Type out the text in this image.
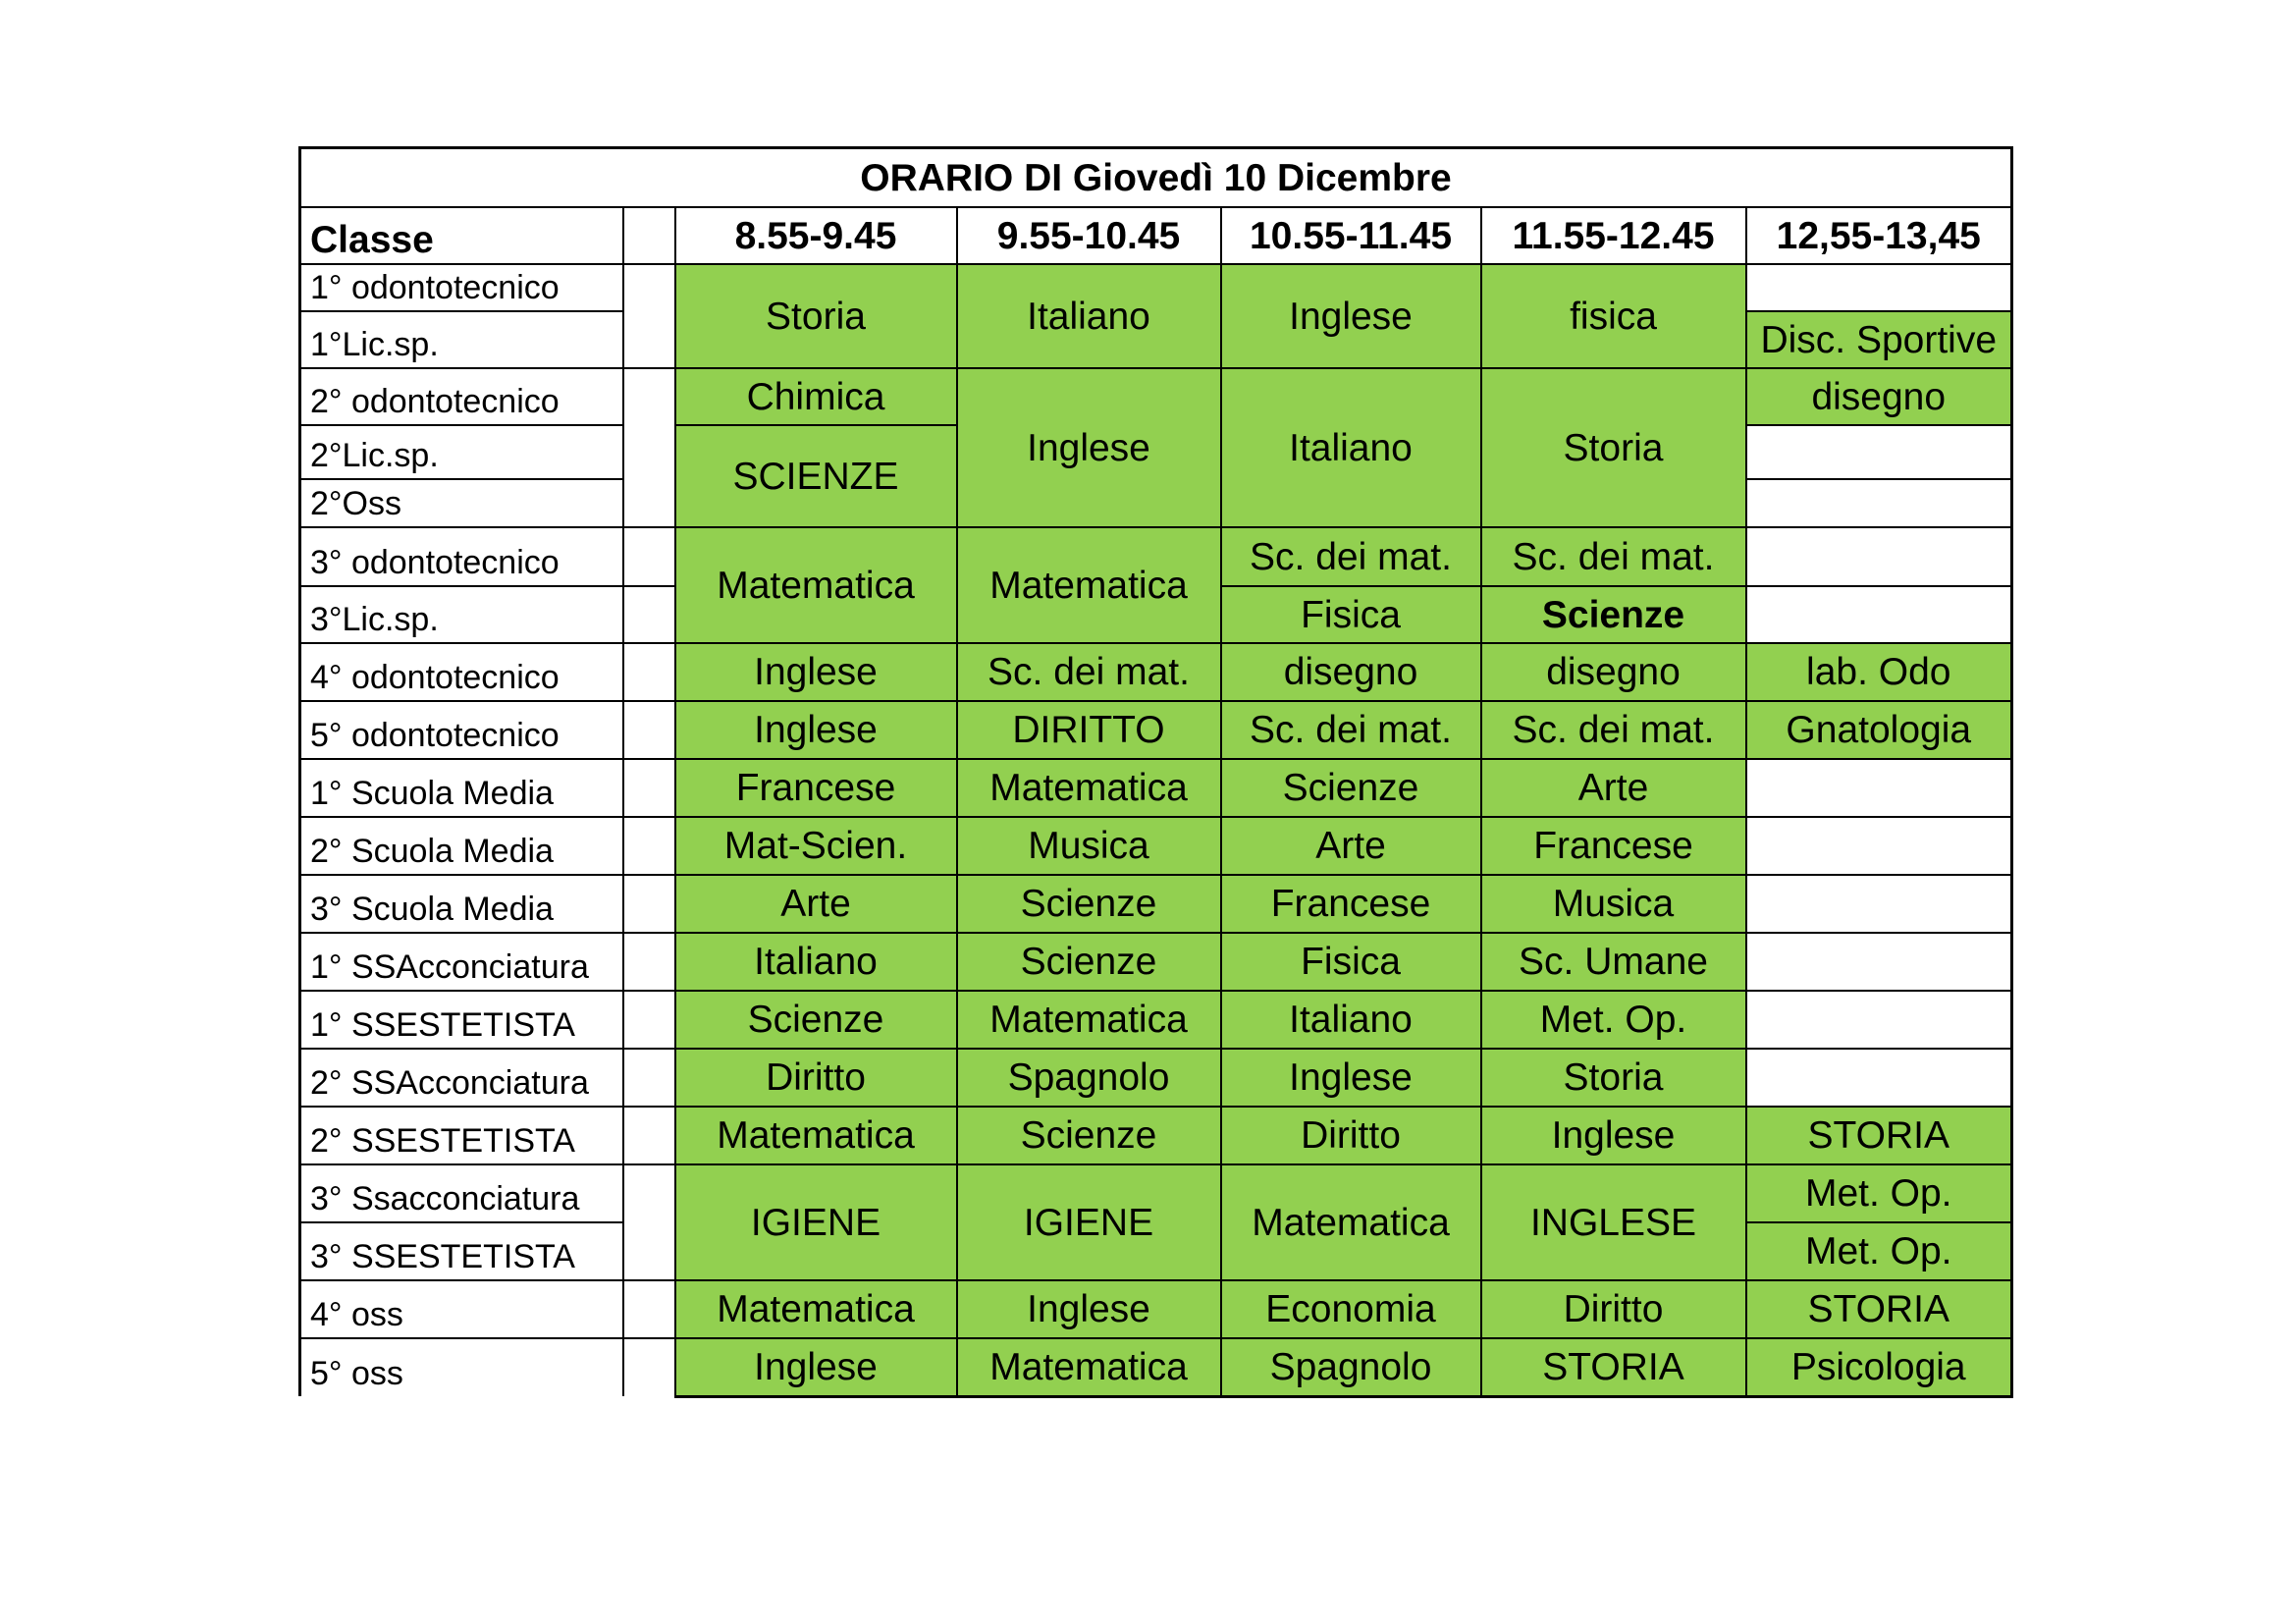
ORARIO DI Giovedì 10 Dicembre						
Classe		8.55-9.45	9.55-10.45	10.55-11.45	11.55-12.45	12,55-13,45
1° odontotecnico		Storia	Italiano	Inglese	fisica	
1°Lic.sp.						Disc. Sportive
2° odontotecnico		Chimica	Inglese	Italiano	Storia	disegno
2°Lic.sp.		SCIENZE				
2°Oss						
3° odontotecnico		Matematica	Matematica	Sc. dei mat.	Sc. dei mat.	
3°Lic.sp.				Fisica	Scienze	
4° odontotecnico		Inglese	Sc. dei mat.	disegno	disegno	lab. Odo
5° odontotecnico		Inglese	DIRITTO	Sc. dei mat.	Sc. dei mat.	Gnatologia
1° Scuola Media		Francese	Matematica	Scienze	Arte	
2° Scuola Media		Mat-Scien.	Musica	Arte	Francese	
3° Scuola Media		Arte	Scienze	Francese	Musica	
1° SSAcconciatura		Italiano	Scienze	Fisica	Sc. Umane	
1° SSESTETISTA		Scienze	Matematica	Italiano	Met. Op.	
2° SSAcconciatura		Diritto	Spagnolo	Inglese	Storia	
2° SSESTETISTA		Matematica	Scienze	Diritto	Inglese	STORIA
3° Ssacconciatura		IGIENE	IGIENE	Matematica	INGLESE	Met. Op.
3° SSESTETISTA						Met. Op.
4° oss		Matematica	Inglese	Economia	Diritto	STORIA
5° oss		Inglese	Matematica	Spagnolo	STORIA	Psicologia
